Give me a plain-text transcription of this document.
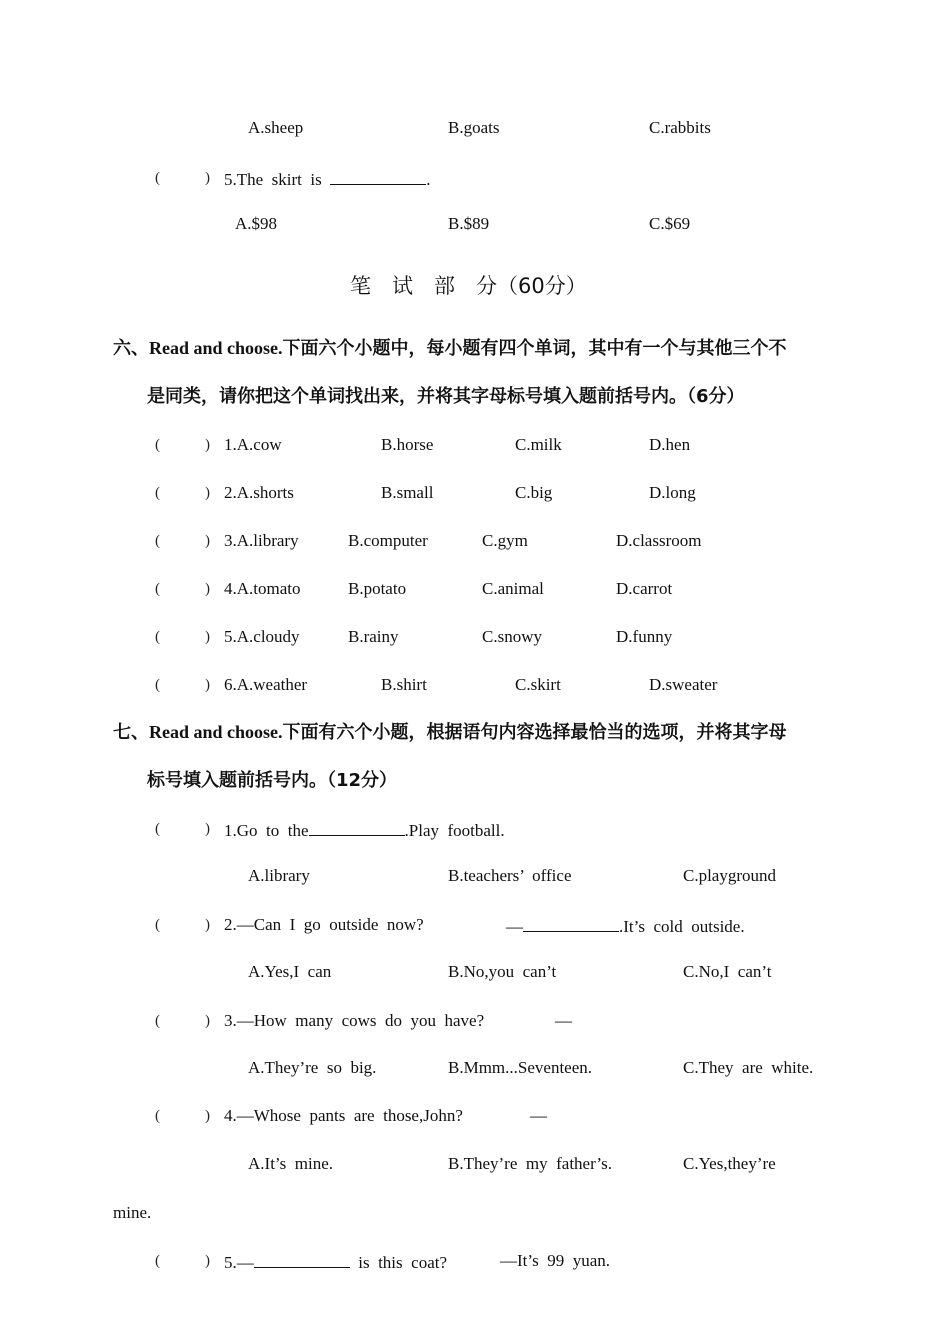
A.sheep	B.goats	C.rabbits
(	) 5.The  skirt  is	.
A.$98	B.$89	C.$69
笔　试　部　分（60分）
六、Read and choose.下面六个小题中，每小题有四个单词，其中有一个与其他三个不
是同类，请你把这个单词找出来，并将其字母标号填入题前括号内。（6分）
(	) 1.A.cow	B.horse	C.milk	D.hen
(	) 2.A.shorts	B.small	C.big	D.long
(	) 3.A.library	B.computer	C.gym	D.classroom
(	) 4.A.tomato	B.potato	C.animal	D.carrot
(	) 5.A.cloudy	B.rainy	C.snowy	D.funny
(	) 6.A.weather	B.shirt	C.skirt	D.sweater
七、Read and choose.下面有六个小题，根据语句内容选择最恰当的选项，并将其字母
标号填入题前括号内。（12分）
(	) 1.Go  to  the	.Play  football.
A.library	B.teachers’  office	C.playground
(	) 2.—Can  I  go  outside  now?	—	.It’s  cold  outside.
A.Yes,I  can	B.No,you  can’t	C.No,I  can’t
(	) 3.—How  many  cows  do  you  have?	—
A.They’re  so  big.	B.Mmm...Seventeen.	C.They  are  white.
(	) 4.—Whose  pants  are  those,John?	—
A.It’s  mine.	B.They’re  my  father’s.	C.Yes,they’re
mine.
(	) 5.—	is  this  coat?	—It’s  99  yuan.
